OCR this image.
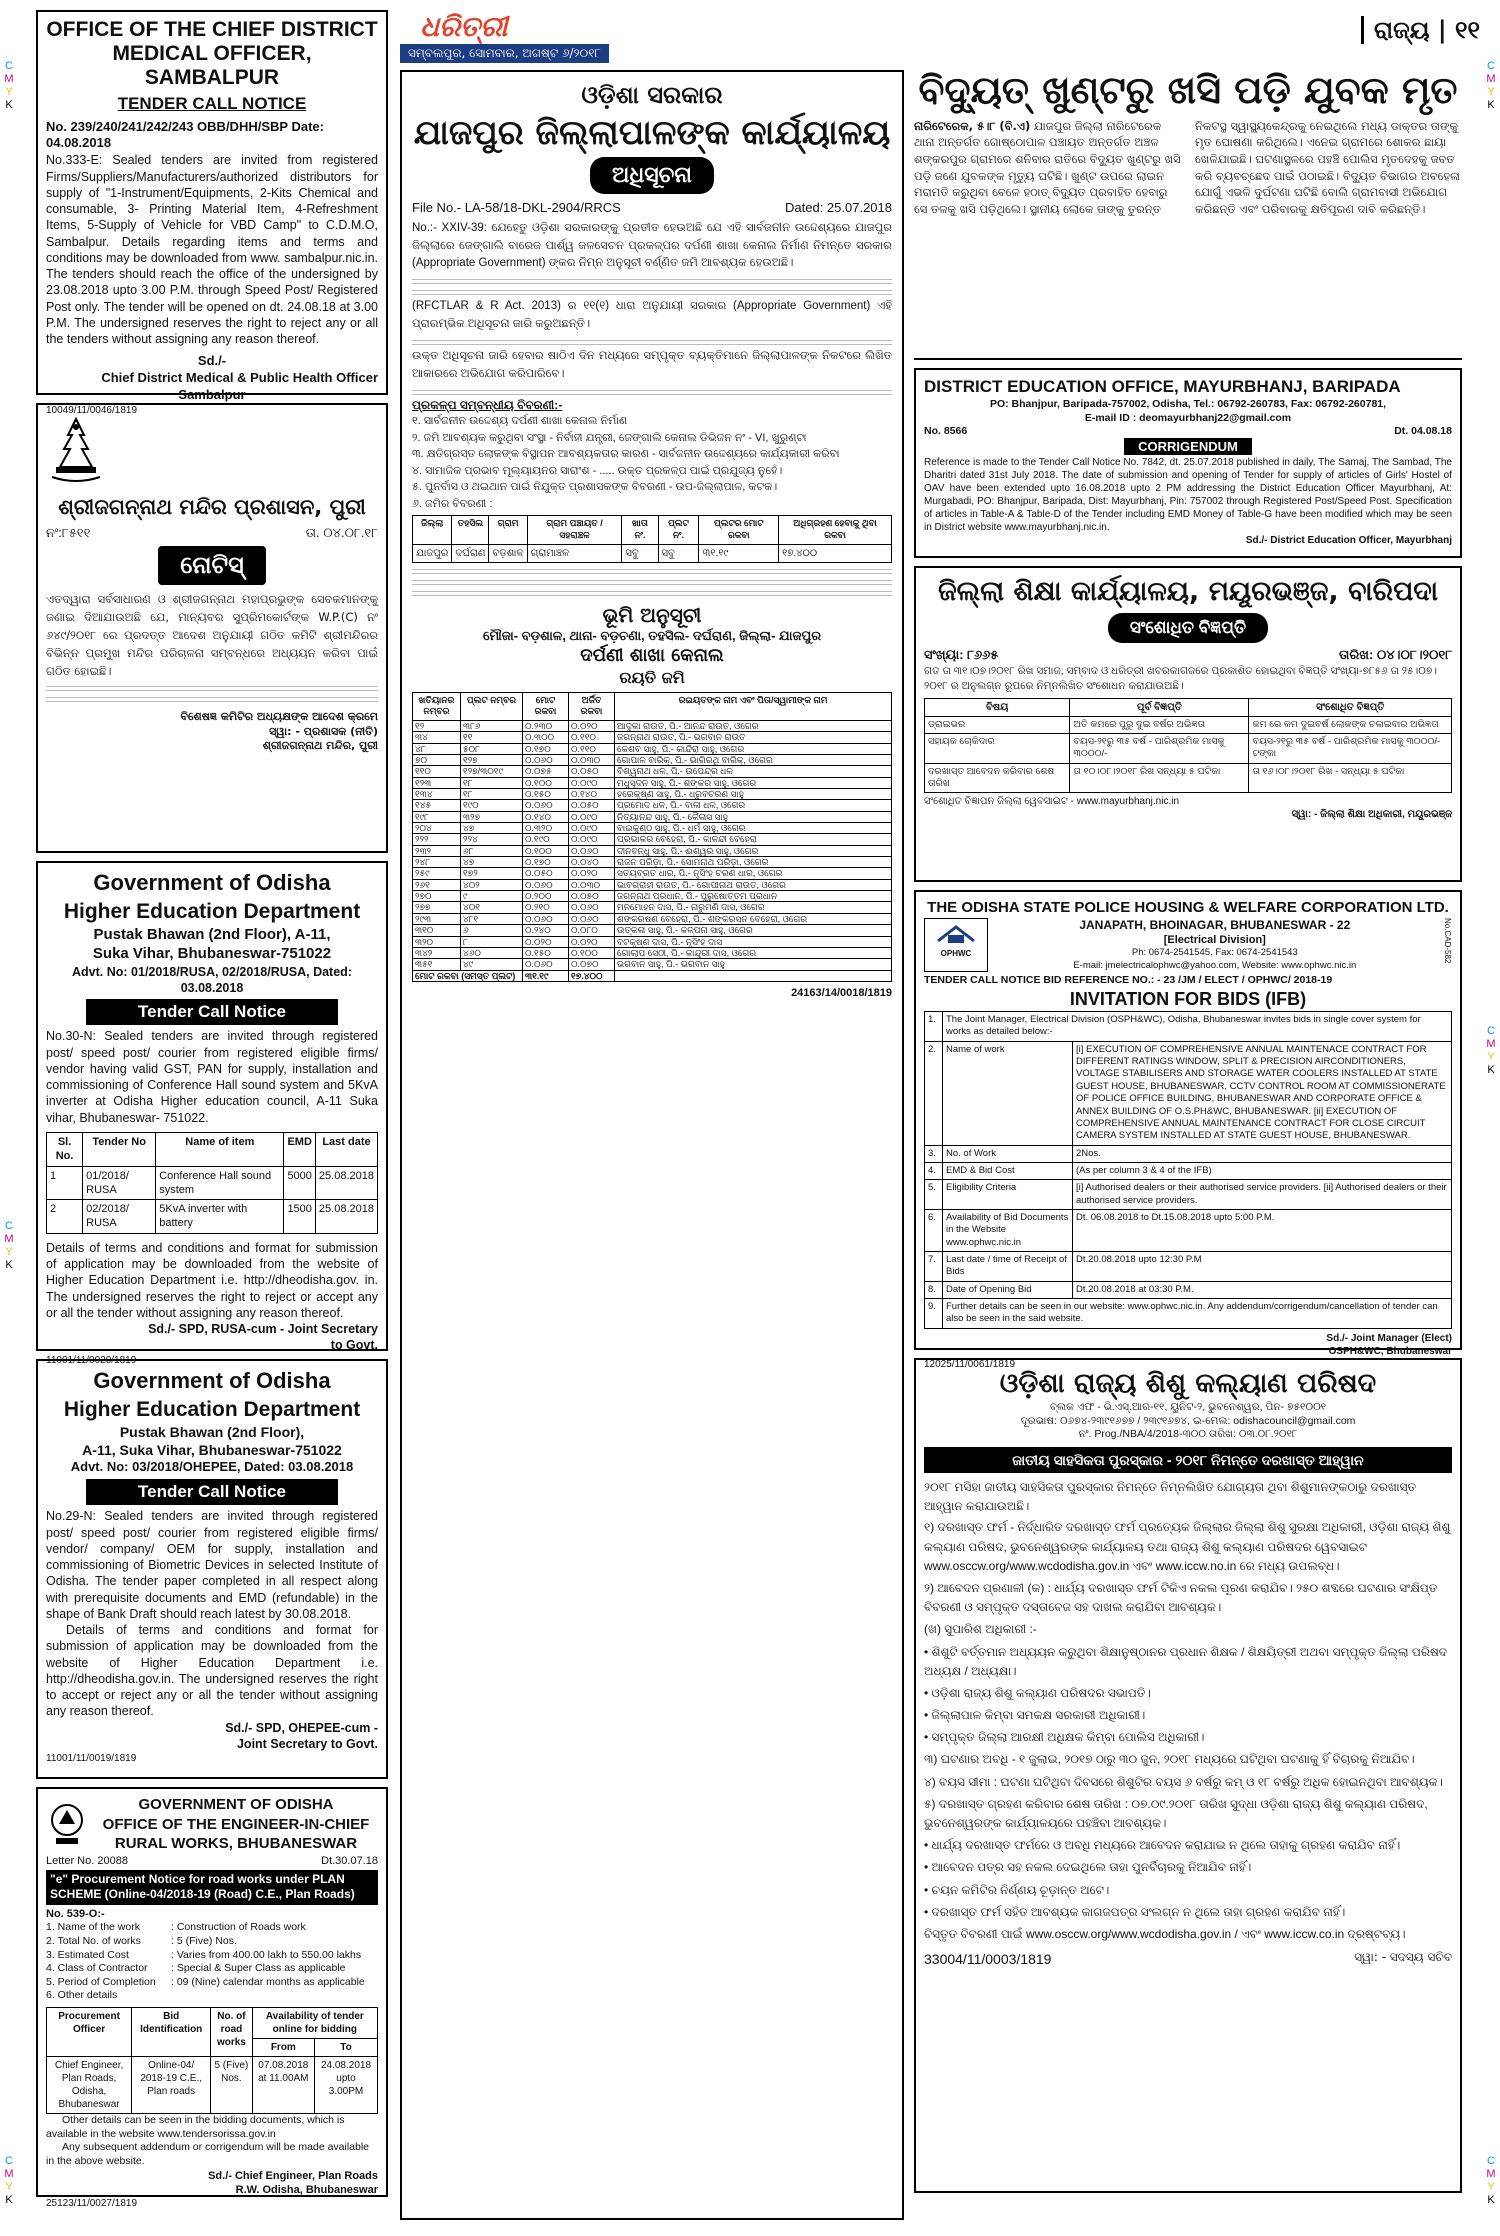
C
M
Y
K
C
M
Y
K
C
M
Y
K
C
M
Y
K
C
M
Y
K
C
M
Y
K
ଧରିତ୍ରୀ
ସମ୍ବଲପୁର, ସୋମବାର, ଅଗଷ୍ଟ ୬/୨୦୧୮
ରାଜ୍ୟ | ୧୧
OFFICE OF THE CHIEF DISTRICT MEDICAL OFFICER, SAMBALPUR
TENDER CALL NOTICE
No. 239/240/241/242/243 OBB/DHH/SBP Date: 04.08.2018
No.333-E: Sealed tenders are invited from registered Firms/Suppliers/Manufacturers/authorized distributors for supply of "1-Instrument/Equipments, 2-Kits Chemical and consumable, 3- Printing Material Item, 4-Refreshment Items, 5-Supply of Vehicle for VBD Camp" to C.D.M.O, Sambalpur. Details regarding items and terms and conditions may be downloaded from www. sambalpur.nic.in. The tenders should reach the office of the undersigned by 23.08.2018 upto 3.00 P.M. through Speed Post/ Registered Post only. The tender will be opened on dt. 24.08.18 at 3.00 P.M. The undersigned reserves the right to reject any or all the tenders without assigning any reason thereof.
Sd./-
Chief District Medical & Public Health Officer
Sambalpur
10049/11/0046/1819
ଶ୍ରୀଜଗନ୍ନାଥ ମନ୍ଦିର ପ୍ରଶାସନ, ପୁରୀ
ନଂ:୮୫୧୧	ତା. ୦୪.୦୮.୧୮
ନୋଟିସ୍
ଏତଦ୍ୱାରା ସର୍ବସାଧାରଣ ଓ ଶ୍ରୀଜଗନ୍ନାଥ ମହାପ୍ରଭୁଙ୍କ ସେବକମାନଙ୍କୁ ଜଣାଇ ଦିଆଯାଉଅଛି ଯେ, ମାନ୍ୟବର ସୁପ୍ରିମକୋର୍ଟଙ୍କ W.P.(C) ନଂ ୬୪୯/୨୦୧୮ ରେ ପ୍ରଦତ୍ତ ଆଦେଶ ଅନୁଯାୟୀ ଗଠିତ କମିଟି ଶ୍ରୀମନ୍ଦିରର ବିଭିନ୍ନ ପ୍ରମୁଖ ମନ୍ଦିର ପରିଚାଳନା ସମ୍ବନ୍ଧରେ ଅଧ୍ୟୟନ କରିବା ପାଇଁ ଗଠିତ ହୋଇଛି।
ବିଶେଷଜ୍ଞ କମିଟିର ଅଧ୍ୟକ୍ଷଙ୍କ ଆଦେଶ କ୍ରମେ
ସ୍ୱା: - ପ୍ରଶାସକ (ନୀତି)
ଶ୍ରୀଜଗନ୍ନାଥ ମନ୍ଦିର, ପୁରୀ
Government of Odisha
Higher Education Department
Pustak Bhawan (2nd Floor), A-11,
Suka Vihar, Bhubaneswar-751022
Advt. No: 01/2018/RUSA, 02/2018/RUSA, Dated: 03.08.2018
Tender Call Notice
No.30-N: Sealed tenders are invited through registered post/ speed post/ courier from registered eligible firms/ vendor having valid GST, PAN for supply, installation and commissioning of Conference Hall sound system and 5KvA inverter at Odisha Higher education council, A-11 Suka vihar, Bhubaneswar- 751022.
Sl. No.	Tender No	Name of item	EMD	Last date
1	01/2018/ RUSA	Conference Hall sound system	5000	25.08.2018
2	02/2018/ RUSA	5KvA inverter with battery	1500	25.08.2018
Details of terms and conditions and format for submission of application may be downloaded from the website of Higher Education Department i.e. http://dheodisha.gov. in. The undersigned reserves the right to reject or accept any or all the tender without assigning any reason thereof.
Sd./- SPD, RUSA-cum - Joint Secretary
to Govt.
11001/11/0020/1819
Government of Odisha
Higher Education Department
Pustak Bhawan (2nd Floor),
A-11, Suka Vihar, Bhubaneswar-751022
Advt. No: 03/2018/OHEPEE, Dated: 03.08.2018
Tender Call Notice
No.29-N: Sealed tenders are invited through registered post/ speed post/ courier from registered eligible firms/ vendor/ company/ OEM for supply, installation and commissioning of Biometric Devices in selected Institute of Odisha. The tender paper completed in all respect along with prerequisite documents and EMD (refundable) in the shape of Bank Draft should reach latest by 30.08.2018.
Details of terms and conditions and format for submission of application may be downloaded from the website of Higher Education Department i.e. http://dheodisha.gov.in. The undersigned reserves the right to accept or reject any or all the tender without assigning any reason thereof.
Sd./- SPD, OHEPEE-cum -
Joint Secretary to Govt.
11001/11/0019/1819
GOVERNMENT OF ODISHA
OFFICE OF THE ENGINEER-IN-CHIEF
RURAL WORKS, BHUBANESWAR
Letter No. 20088	Dt.30.07.18
"e" Procurement Notice for road works under PLAN SCHEME (Online-04/2018-19 (Road) C.E., Plan Roads)
No. 539-O:-
1. Name of the work	: Construction of Roads work
2. Total No. of works	: 5 (Five) Nos.
3. Estimated Cost	: Varies from 400.00 lakh to 550.00 lakhs
4. Class of Contractor	: Special & Super Class as applicable
5. Period of Completion	: 09 (Nine) calendar months as applicable
6. Other details
Procurement Officer	Bid Identification	No. of road works	Availability of tender online for bidding	
			From	To
Chief Engineer, Plan Roads, Odisha, Bhubaneswar	Online-04/ 2018-19 C.E., Plan roads	5 (Five) Nos.	07.08.2018 at 11.00AM	24.08.2018 upto 3.00PM
Other details can be seen in the bidding documents, which is available in the website www.tendersorissa.gov.in
Any subsequent addendum or corrigendum will be made available in the above website.
Sd./- Chief Engineer, Plan Roads
R.W. Odisha, Bhubaneswar
25123/11/0027/1819
ଓଡ଼ିଶା ସରକାର
ଯାଜପୁର ଜିଲ୍ଲାପାଳଙ୍କ କାର୍ଯ୍ୟାଳୟ
ଅଧିସୂଚନା
File No.- LA-58/18-DKL-2904/RRCS	Dated: 25.07.2018
No.:- XXIV-39: ଯେହେତୁ ଓଡ଼ିଶା ସରକାରଙ୍କୁ ପ୍ରତୀତ ହେଉଅଛି ଯେ ଏହି ସାର୍ବଜନୀନ ଉଦ୍ଦେଶ୍ୟରେ ଯାଜପୁର ଜିଲ୍ଲାରେ ଜେଙ୍ଗାଲି ବାରେଜ ପାର୍ଶ୍ୱ ଜଳସେଚନ ପ୍ରକଳ୍ପର ଦର୍ପଣୀ ଶାଖା କେନାଲ ନିର୍ମାଣ ନିମନ୍ତେ ସରକାର (Appropriate Government) ଙ୍କର ନିମ୍ନ ଅନୁସୂଚୀ ବର୍ଣ୍ଣିତ ଜମି ଆବଶ୍ୟକ ହେଉଅଛି।
(RFCTLAR & R Act. 2013) ର ୧୧(୧) ଧାରା ଅନୁଯାୟୀ ସରକାର (Appropriate Government) ଏହି ପ୍ରାରମ୍ଭିକ ଅଧିସୂଚନା ଜାରି କରୁଅଛନ୍ତି।
ଉକ୍ତ ଅଧିସୂଚନା ଜାରି ହେବାର ଷାଠିଏ ଦିନ ମଧ୍ୟରେ ସମ୍ପୃକ୍ତ ବ୍ୟକ୍ତିମାନେ ଜିଲ୍ଲାପାଳଙ୍କ ନିକଟରେ ଲିଖିତ ଆକାରରେ ଅଭିଯୋଗ କରିପାରିବେ।
ପ୍ରକଳ୍ପ ସମ୍ବନ୍ଧୀୟ ବିବରଣୀ:-
୧. ସାର୍ବଜନୀନ ଉଦ୍ଦେଶ୍ୟ ଦର୍ପଣୀ ଶାଖା କେନାଲ ନିର୍ମାଣ
୨. ଜମି ଆବଶ୍ୟକ କରୁଥିବା ସଂସ୍ଥା - ନିର୍ବାହୀ ଯନ୍ତ୍ରୀ, ଜେଙ୍ଗାଲି କେନାଲ ଡିଭିଜନ ନଂ - VI, ଖୁରୁଣ୍ଟା
୩. କ୍ଷତିଗ୍ରସ୍ତ ଲୋକଙ୍କ ବିସ୍ଥାପନ ଆବଶ୍ୟକତାର କାରଣ - ସାର୍ବଜନୀନ ଉଦ୍ଦେଶ୍ୟରେ କାର୍ଯ୍ୟକାରୀ କରିବା
୪. ସାମାଜିକ ପ୍ରଭାବ ମୂଲ୍ୟାୟନର ସାରାଂଶ - ..... ଉକ୍ତ ପ୍ରକଳ୍ପ ପାଇଁ ପ୍ରଯୁଜ୍ୟ ନୁହେଁ।
୫. ପୁନର୍ବାସ ଓ ଥଇଥାନ ପାଇଁ ନିଯୁକ୍ତ ପ୍ରଶାସକଙ୍କ ବିବରଣୀ - ଉପ-ଜିଲ୍ଲାପାଳ, କଟକ।
୬. ଜମିର ବିବରଣୀ :
ଜିଲ୍ଲା	ତହସିଲ	ଗ୍ରାମ	ଗ୍ରାମ ପଞ୍ଚାୟତ / ସହରାଞ୍ଚଳ	ଖାତା ନଂ.	ପ୍ଲଟ ନଂ.	ପ୍ଲଟର ମୋଟ ରକବା	ଅଧିଗ୍ରହଣ ହେବାକୁ ଥିବା ରକବା
ଯାଜପୁର	ଦର୍ଘରାଣ	ବଡ଼ଶାଳ	ଗ୍ରାମାଞ୍ଚଳ	ସବୁ	ସବୁ	୩୧.୧୯	୧୭.୪୦୦
ଭୂମି ଅନୁସୂଚୀ
ମୌଜା- ବଡ଼ଶାଳ, ଥାନା- ବଡ଼ଚଣା, ତହସିଲ- ଦର୍ଘରାଣ, ଜିଲ୍ଲା- ଯାଜପୁର
ଦର୍ପଣୀ ଶାଖା କେନାଲ
ରୟତି ଜମି
ଖତିୟାନର ନମ୍ବର	ପ୍ଲଟ ନମ୍ବର	ମୋଟ ରକବା	ଅର୍ଜିତ ରକବା	ରଇୟତଙ୍କ ନାମ ଏବଂ ପିତା/ସ୍ୱାମୀଙ୍କ ନାମ
୧୨	୩୮୬	୦.୨୩୦	୦.୦୨୦	ଆଦୁକା ରାଉତ, ପି.- ଆନନ୍ଦ ରାଉତ, ଓଗେର
୩୪	୧୧	୦.୩୦୦	୦.୧୧୦	ଜଗନ୍ନାଥ ରାଉତ, ପି.- ଭଗବାନ ରାଉତ
୪୮	୫୦୮	୦.୧୭୦	୦.୧୧୦	କେଶବ ସାହୁ, ପି.- କାନ୍ଦିରା ସାହୁ, ଓଗେର
୭୦	୧୨୭	୦.୦୬୦	୦.୦୩୦	ଗୋପାଳ ବାରିକ୍, ପି.- ଭାଗିରଥି ବାରିକ୍, ଓଗେର
୧୧୦	୧୨୭/୩୦୧୯	୦.୦୭୫	୦.୦୫୦	ବିଶ୍ୱନାଥ ଧଳ, ପି.- ଉପେନ୍ଦ୍ର ଧଳ
୧୨୩	୧୮	୦.୧୦୦	୦.୦୯୦	ମଧୁସୂଦନ ସାହୁ, ପି.- ଶଙ୍କର ସାହୁ, ଓଗେର
୧୩୪	୧୮	୦.୧୫୦	୦.୧୪୦	ହରେକୃଷ୍ଣ ସାହୁ, ପି.- ଧ୍ରୁବଚରଣ ସାହୁ
୧୪୫	୧୯୦	୦.୦୬୦	୦.୦୫୦	ପ୍ରମୋଦ ଧଳ, ପି.- ବାଳା ଧଳ, ଓଗେର
୧୯୮	୩୨୭	୦.୧୪୦	୦.୦୯୦	ନିତ୍ୟାନନ୍ଦ ସାହୁ, ପି.- କୈଳାସ ସାହୁ
୨୦୪	୪୭	୦.୩୨୦	୦.୦୯୦	ବାଇକୁଣ୍ଠ ସାହୁ, ପି.- ଧର୍ମ ସାହୁ, ଓଗେର
୨୨୨	୨୨୪	୦.୧୯୦	୦.୦୯୦	ପ୍ରଭାକର ବେହେରା, ପି.- କାଳନ୍ଦୀ ବେହେରା
୨୩୨	୬୮	୦.୧୦୦	୦.୦୬୦	ଦୀନବନ୍ଧୁ ସାହୁ, ପି.- ଈଶ୍ୱର ସାହୁ, ଓଗେର
୨୪୮	୪୭	୦.୧୭୦	୦.୦୪୦	ରାଜନ ପରିଡ଼ା, ପି.- ସୋମନାଥ ପରିଡ଼ା, ଓଗେର
୨୫୯	୧୭୨	୦.୦୫୦	୦.୦୨୦	ସତ୍ୟବ୍ରତ ଧାର, ପି.- ନୃସିଂହ ଚରଣ ଧାର, ଓଗେର
୨୬୧	୪୦୨	୦.୦୬୦	୦.୦୩୦	ଭାବଗ୍ରାହୀ ରାଉତ, ପି.- ଗୋପୀନାଥ ରାଉତ, ଓଗେର
୨୭୦	୯	୦.୨୦୦	୦.୦୫୦	ଜଗନ୍ନାଥ ପ୍ରଧାନ, ପି.- ପୁରୁଷୋତ୍ତମ ପ୍ରଧାନ
୨୭୭	୪୦୧	୦.୨୧୦	୦.୦୬୦	ମନମୋହନ ଦାସ, ପି.- ନାରୁମଣି ଦାସ, ଓଗେର
୨୯୩	୪୮୧	୦.୦୬୦	୦.୦୬୦	ଶଙ୍କରଷଣ ବେହେରା, ପି.- ଶଙ୍କରସନ ବେହେରା, ଓଗେର
୩୧୦	୬	୦.୨୪୦	୦.୦୮୦	ଉତ୍କଳା ସାହୁ, ପି.- କଳ୍ପନା ସାହୁ, ଓଗେର
୩୨୦	୮	୦.୦୨୦	୦.୦୨୦	ବଟକୃଷ୍ଣ ଦାସ, ପି.- ନୃସିଂହ ଦାସ
୩୪୨	୪୬୦	୦.୧୫୦	୦.୧୦୦	ଗୋଲାପ ସେଠୀ, ପି.- କାନ୍ଦୁରୀ ଦାସ, ଓଗେର
୩୫୧	୪୯	୦.୦୬୦	୦.୦୭୦	ଭଗବାନ ସାହୁ, ପି.- ଭଗବାନ ସାହୁ
ମୋଟ ରକବା (ସମସ୍ତ ପ୍ଲଟ)		୩୧.୧୯	୧୭.୪୦୦	
24163/14/0018/1819
ବିଦ୍ୟୁତ୍ ଖୁଣ୍ଟରୁ ଖସି ପଡ଼ି ଯୁବକ ମୃତ
ନାରିଟେରେକ, ୫।୮ (ବି.ଏ) ଯାଜପୁର ଜିଲ୍ଲା ନାରିଟେରେକ ଥାନା ଅନ୍ତର୍ଗତ ଗୋଷ୍ଠୋପାଳ ପଞ୍ଚାୟତ ଅନ୍ତର୍ଗତ ଅଞ୍ଚଳ ଶଙ୍କରପୁର ଗ୍ରାମରେ ଶନିବାର ରାତିରେ ବିଦ୍ୟୁତ ଖୁଣ୍ଟରୁ ଖସି ପଡ଼ି ଜଣେ ଯୁବକଙ୍କ ମୃତ୍ୟୁ ଘଟିଛି। ଖୁଣ୍ଟ ଉପରେ ଲାଇନ ମରାମତି କରୁଥିବା ବେଳେ ହଠାତ୍ ବିଦ୍ୟୁତ ପ୍ରବାହିତ ହେବାରୁ ସେ ତଳକୁ ଖସି ପଡ଼ିଥିଲେ। ସ୍ଥାନୀୟ ଲୋକେ ତାଙ୍କୁ ତୁରନ୍ତ ନିକଟସ୍ଥ ସ୍ୱାସ୍ଥ୍ୟକେନ୍ଦ୍ରକୁ ନେଇଥିଲେ ମଧ୍ୟ ଡାକ୍ତର ତାଙ୍କୁ ମୃତ ଘୋଷଣା କରିଥିଲେ। ଏନେଇ ଗ୍ରାମରେ ଶୋକର ଛାୟା ଖେଳିଯାଇଛି। ଘଟଣାସ୍ଥଳରେ ପହଞ୍ଚି ପୋଲିସ ମୃତଦେହକୁ ଜବତ କରି ବ୍ୟବଚ୍ଛେଦ ପାଇଁ ପଠାଇଛି। ବିଦ୍ୟୁତ ବିଭାଗର ଅବହେଳା ଯୋଗୁଁ ଏଭଳି ଦୁର୍ଘଟଣା ଘଟିଛି ବୋଲି ଗ୍ରାମବାସୀ ଅଭିଯୋଗ କରିଛନ୍ତି ଏବଂ ପରିବାରକୁ କ୍ଷତିପୂରଣ ଦାବି କରିଛନ୍ତି।
DISTRICT EDUCATION OFFICE, MAYURBHANJ, BARIPADA
PO: Bhanjpur, Baripada-757002, Odisha, Tel.: 06792-260783, Fax: 06792-260781,
E-mail ID : deomayurbhanj22@gmail.com
No. 8566	Dt. 04.08.18
CORRIGENDUM
Reference is made to the Tender Call Notice No. 7842, dt. 25.07.2018 published in daily, The Samaj, The Sambad, The Dharitri dated 31st July 2018. The date of submission and opening of Tender for supply of articles of Girls' Hostel of OAV have been extended upto 16.08.2018 upto 2 PM addressing the District Education Officer Mayurbhanj, At: Murgabadi, PO: Bhanjpur, Baripada, Dist: Mayurbhanj, Pin: 757002 through Registered Post/Speed Post. Specification of articles in Table-A & Table-D of the Tender including EMD Money of Table-G have been modified which may be seen in District website www.mayurbhanj.nic.in.
Sd./- District Education Officer, Mayurbhanj
ଜିଲ୍ଲା ଶିକ୍ଷା କାର୍ଯ୍ୟାଳୟ, ମୟୂରଭଞ୍ଜ, ବାରିପଦା
ସଂଶୋଧିତ ବିଜ୍ଞପ୍ତି
ସଂଖ୍ୟା: ୮୬୬୫	ତାରିଖ: ୦୪।୦୮।୨୦୧୮
ଗତ ତା ୩୧।୦୭।୨୦୧୮ ରିଖ ସମାଜ, ସମ୍ବାଦ ଓ ଧରିତ୍ରୀ ଖବରକାଗଜରେ ପ୍ରକାଶିତ ହୋଇଥିବା ବିଜ୍ଞପ୍ତି ସଂଖ୍ୟା-୭୮୫୬ ତା ୨୫।୦୭।୨୦୧୮ ର ଅନୁଲଗ୍ନ ରୂପରେ ନିମ୍ନଲିଖିତ ସଂଶୋଧନ କରାଯାଉଅଛି।
ବିଷୟ	ପୂର୍ବ ବିଜ୍ଞପ୍ତି	ସଂଶୋଧିତ ବିଜ୍ଞପ୍ତି
ଡ୍ରାଇଭର	ଅତି କମରେ ପୁରୁ ଦୁଇ ବର୍ଷର ଅଭିଜ୍ଞତା	କମ ରେ କମ ଦୁଇବର୍ଷ ଲୋକଙ୍କ ଚଳାଇବାର ଅଭିଜ୍ଞତା
ସହାୟକ ଚୋକିଦାର	ବୟସ-୨୧ରୁ ୩୫ ବର୍ଷ - ପାରିଶ୍ରମିକ ମାସକୁ ୩୦୦୦/-	ବୟସ-୨୧ରୁ ୩୫ ବର୍ଷ - ପାରିଶ୍ରମିକ ମାସକୁ ୩୦୦୦/- ଟଙ୍କା
ଦରଖାସ୍ତ ଆବେଦନ କରିବାର ଶେଷ ତାରିଖ	ତା ୧୦।୦୮।୨୦୧୮ ରିଖ ସନ୍ଧ୍ୟା ୫ ଘଟିକା	ତା ୧୬।୦୮।୨୦୧୮ ରିଖ - ସନ୍ଧ୍ୟା ୫ ଘଟିକା
ସଂଶୋଧିତ ବିଜ୍ଞାପନ ଜିଲ୍ଲା ୱେବସାଇଟ - www.mayurbhanj.nic.in
ସ୍ୱା: - ଜିଲ୍ଲା ଶିକ୍ଷା ଅଧିକାରୀ, ମୟୂରଭଞ୍ଜ
THE ODISHA STATE POLICE HOUSING & WELFARE CORPORATION LTD.
OPHWC
JANAPATH, BHOINAGAR, BHUBANESWAR - 22
[Electrical Division]
Ph: 0674-2541545, Fax: 0674-2541543
E-mail: jmelectricalophwc@yahoo.com, Website: www.ophwc.nic.in
No.CAD-582
TENDER CALL NOTICE BID REFERENCE NO.: - 23 /JM / ELECT / OPHWC/ 2018-19
INVITATION FOR BIDS (IFB)
1.	The Joint Manager, Electrical Division (OSPH&WC), Odisha, Bhubaneswar invites bids in single cover system for works as detailed below:-	
2.	Name of work	[i] EXECUTION OF COMPREHENSIVE ANNUAL MAINTENACE CONTRACT FOR DIFFERENT RATINGS WINDOW, SPLIT & PRECISION AIRCONDITIONERS, VOLTAGE STABILISERS AND STORAGE WATER COOLERS INSTALLED AT STATE GUEST HOUSE, BHUBANESWAR, CCTV CONTROL ROOM AT COMMISSIONERATE OF POLICE OFFICE BUILDING, BHUBANESWAR AND CORPORATE OFFICE & ANNEX BUILDING OF O.S.PH&WC, BHUBANESWAR. [ii] EXECUTION OF COMPREHENSIVE ANNUAL MAINTENANCE CONTRACT FOR CLOSE CIRCUIT CAMERA SYSTEM INSTALLED AT STATE GUEST HOUSE, BHUBANESWAR.
3.	No. of Work	2Nos.
4.	EMD & Bid Cost	(As per column 3 & 4 of the IFB)
5.	Eligibility Criteria	[i] Authorised dealers or their authorised service providers. [ii] Authorised dealers or their authorised service providers.
6.	Availability of Bid Documents in the Website www.ophwc.nic.in	Dt. 06.08.2018 to Dt.15.08.2018 upto 5:00 P.M.
7.	Last date / time of Receipt of Bids	Dt.20.08.2018 upto 12:30 P.M
8.	Date of Opening Bid	Dt.20.08.2018 at 03:30 P.M.
9.	Further details can be seen in our website: www.ophwc.nic.in. Any addendum/corrigendum/cancellation of tender can also be seen in the said website.	
Sd./- Joint Manager (Elect)
OSPH&WC, Bhubaneswar
12025/11/0061/1819
ଓଡ଼ିଶା ରାଜ୍ୟ ଶିଶୁ କଲ୍ୟାଣ ପରିଷଦ
ବ୍ଲକ ଏଫ - ଭି.ଏସ୍.ଆର-୧୧, ୟୁନିଟ-୨, ଭୁବନେଶ୍ୱର, ପିନ- ୭୫୧୦୦୧
ଦୂରଭାଷ: ୦୬୭୪-୨୩୯୧୬୭୭ / ୨୩୯୧୬୭୪, ଇ-ମେଲ: odishacouncil@gmail.com
ନଂ. Prog./NBA/4/2018-୩୦୦ ତାରିଖ: ୦୩.୦୮.୨୦୧୮
ଜାତୀୟ ସାହସିକତା ପୁରସ୍କାର - ୨୦୧୮ ନିମନ୍ତେ ଦରଖାସ୍ତ ଆହ୍ୱାନ
୨୦୧୮ ମସିହା ଜାତୀୟ ସାହସିକତା ପୁରସ୍କାର ନିମନ୍ତେ ନିମ୍ନଲିଖିତ ଯୋଗ୍ୟତା ଥିବା ଶିଶୁମାନଙ୍କଠାରୁ ଦରଖାସ୍ତ ଆହ୍ୱାନ କରାଯାଉଅଛି।
୧) ଦରଖାସ୍ତ ଫର୍ମ - ନିର୍ଦ୍ଧାରିତ ଦରଖାସ୍ତ ଫର୍ମ ପ୍ରତ୍ୟେକ ଜିଲ୍ଲାର ଜିଲ୍ଲା ଶିଶୁ ସୁରକ୍ଷା ଅଧିକାରୀ, ଓଡ଼ିଶା ରାଜ୍ୟ ଶିଶୁ କଲ୍ୟାଣ ପରିଷଦ, ଭୁବନେଶ୍ୱରଙ୍କ କାର୍ଯ୍ୟାଳୟ ତଥା ରାଜ୍ୟ ଶିଶୁ କଲ୍ୟାଣ ପରିଷଦର ୱେବସାଇଟ www.osccw.org/www.wcdodisha.gov.in ଏବଂ www.iccw.no.in ରେ ମଧ୍ୟ ଉପଲବ୍ଧ।
୨) ଆବେଦନ ପ୍ରଣାଳୀ (କ) : ଧାର୍ଯ୍ୟ ଦରଖାସ୍ତ ଫର୍ମ ଟିକିଏ ନକଲ ପୂରଣ କରାଯିବ। ୨୫୦ ଶବ୍ଦରେ ଘଟଣାର ସଂକ୍ଷିପ୍ତ ବିବରଣୀ ଓ ସମ୍ପୃକ୍ତ ଦସ୍ତାବେଜ ସହ ଦାଖଲ କରାଯିବା ଆବଶ୍ୟକ।
(ଖ) ସୁପାରିଶ ଅଧିକାରୀ :-
• ଶିଶୁଟି ବର୍ତ୍ତମାନ ଅଧ୍ୟୟନ କରୁଥିବା ଶିକ୍ଷାନୁଷ୍ଠାନର ପ୍ରଧାନ ଶିକ୍ଷକ / ଶିକ୍ଷୟିତ୍ରୀ ଅଥବା ସମ୍ପୃକ୍ତ ଜିଲ୍ଲା ପରିଷଦ ଅଧ୍ୟକ୍ଷ / ଅଧ୍ୟକ୍ଷା।
• ଓଡ଼ିଶା ରାଜ୍ୟ ଶିଶୁ କଲ୍ୟାଣ ପରିଷଦର ସଭାପତି।
• ଜିଲ୍ଲାପାଳ କିମ୍ବା ସମକକ୍ଷ ସରକାରୀ ଅଧିକାରୀ।
• ସମ୍ପୃକ୍ତ ଜିଲ୍ଲା ଆରକ୍ଷୀ ଅଧିକ୍ଷକ କିମ୍ବା ପୋଲିସ ଅଧିକାରୀ।
୩) ଘଟଣାର ଅବଧି - ୧ ଜୁଲାଇ, ୨୦୧୭ ଠାରୁ ୩୦ ଜୁନ, ୨୦୧୮ ମଧ୍ୟରେ ଘଟିଥିବା ଘଟଣାକୁ ହିଁ ବିଚାରକୁ ନିଆଯିବ।
୪) ବୟସ ସୀମା : ଘଟଣା ଘଟିଥିବା ଦିବସରେ ଶିଶୁଟିର ବୟସ ୬ ବର୍ଷରୁ କମ୍ ଓ ୧୮ ବର୍ଷରୁ ଅଧିକ ହୋଇନଥିବା ଆବଶ୍ୟକ।
୫) ଦରଖାସ୍ତ ଗ୍ରହଣ କରିବାର ଶେଷ ତାରିଖ : ୦୭.୦୯.୨୦୧୮ ତାରିଖ ସୁଦ୍ଧା ଓଡ଼ିଶା ରାଜ୍ୟ ଶିଶୁ କଲ୍ୟାଣ ପରିଷଦ, ଭୁବନେଶ୍ୱରଙ୍କ କାର୍ଯ୍ୟାଳୟରେ ପହଞ୍ଚିବା ଆବଶ୍ୟକ।
• ଧାର୍ଯ୍ୟ ଦରଖାସ୍ତ ଫର୍ମରେ ଓ ଅବଧି ମଧ୍ୟରେ ଆବେଦନ କରାଯାଇ ନ ଥିଲେ ତାହାକୁ ଗ୍ରହଣ କରାଯିବ ନାହିଁ।
• ଆବେଦନ ପତ୍ର ସହ ନକଲ ଦେଇଥିଲେ ତାହା ପୁନର୍ବିଚାରକୁ ନିଆଯିବ ନାହିଁ।
• ଚୟନ କମିଟିର ନିର୍ଣ୍ଣୟ ଚୂଡ଼ାନ୍ତ ଅଟେ।
• ଦରଖାସ୍ତ ଫର୍ମ ସହିତ ଆବଶ୍ୟକ କାଗଜପତ୍ର ସଂଲଗ୍ନ ନ ଥିଲେ ତାହା ଗ୍ରହଣ କରାଯିବ ନାହିଁ।
ବିସ୍ତୃତ ବିବରଣୀ ପାଇଁ www.osccw.org/www.wcdodisha.gov.in / ଏବଂ www.iccw.co.in ଦ୍ରଷ୍ଟବ୍ୟ।
33004/11/0003/1819	ସ୍ୱା: - ସଦସ୍ୟ ସଚିବ
